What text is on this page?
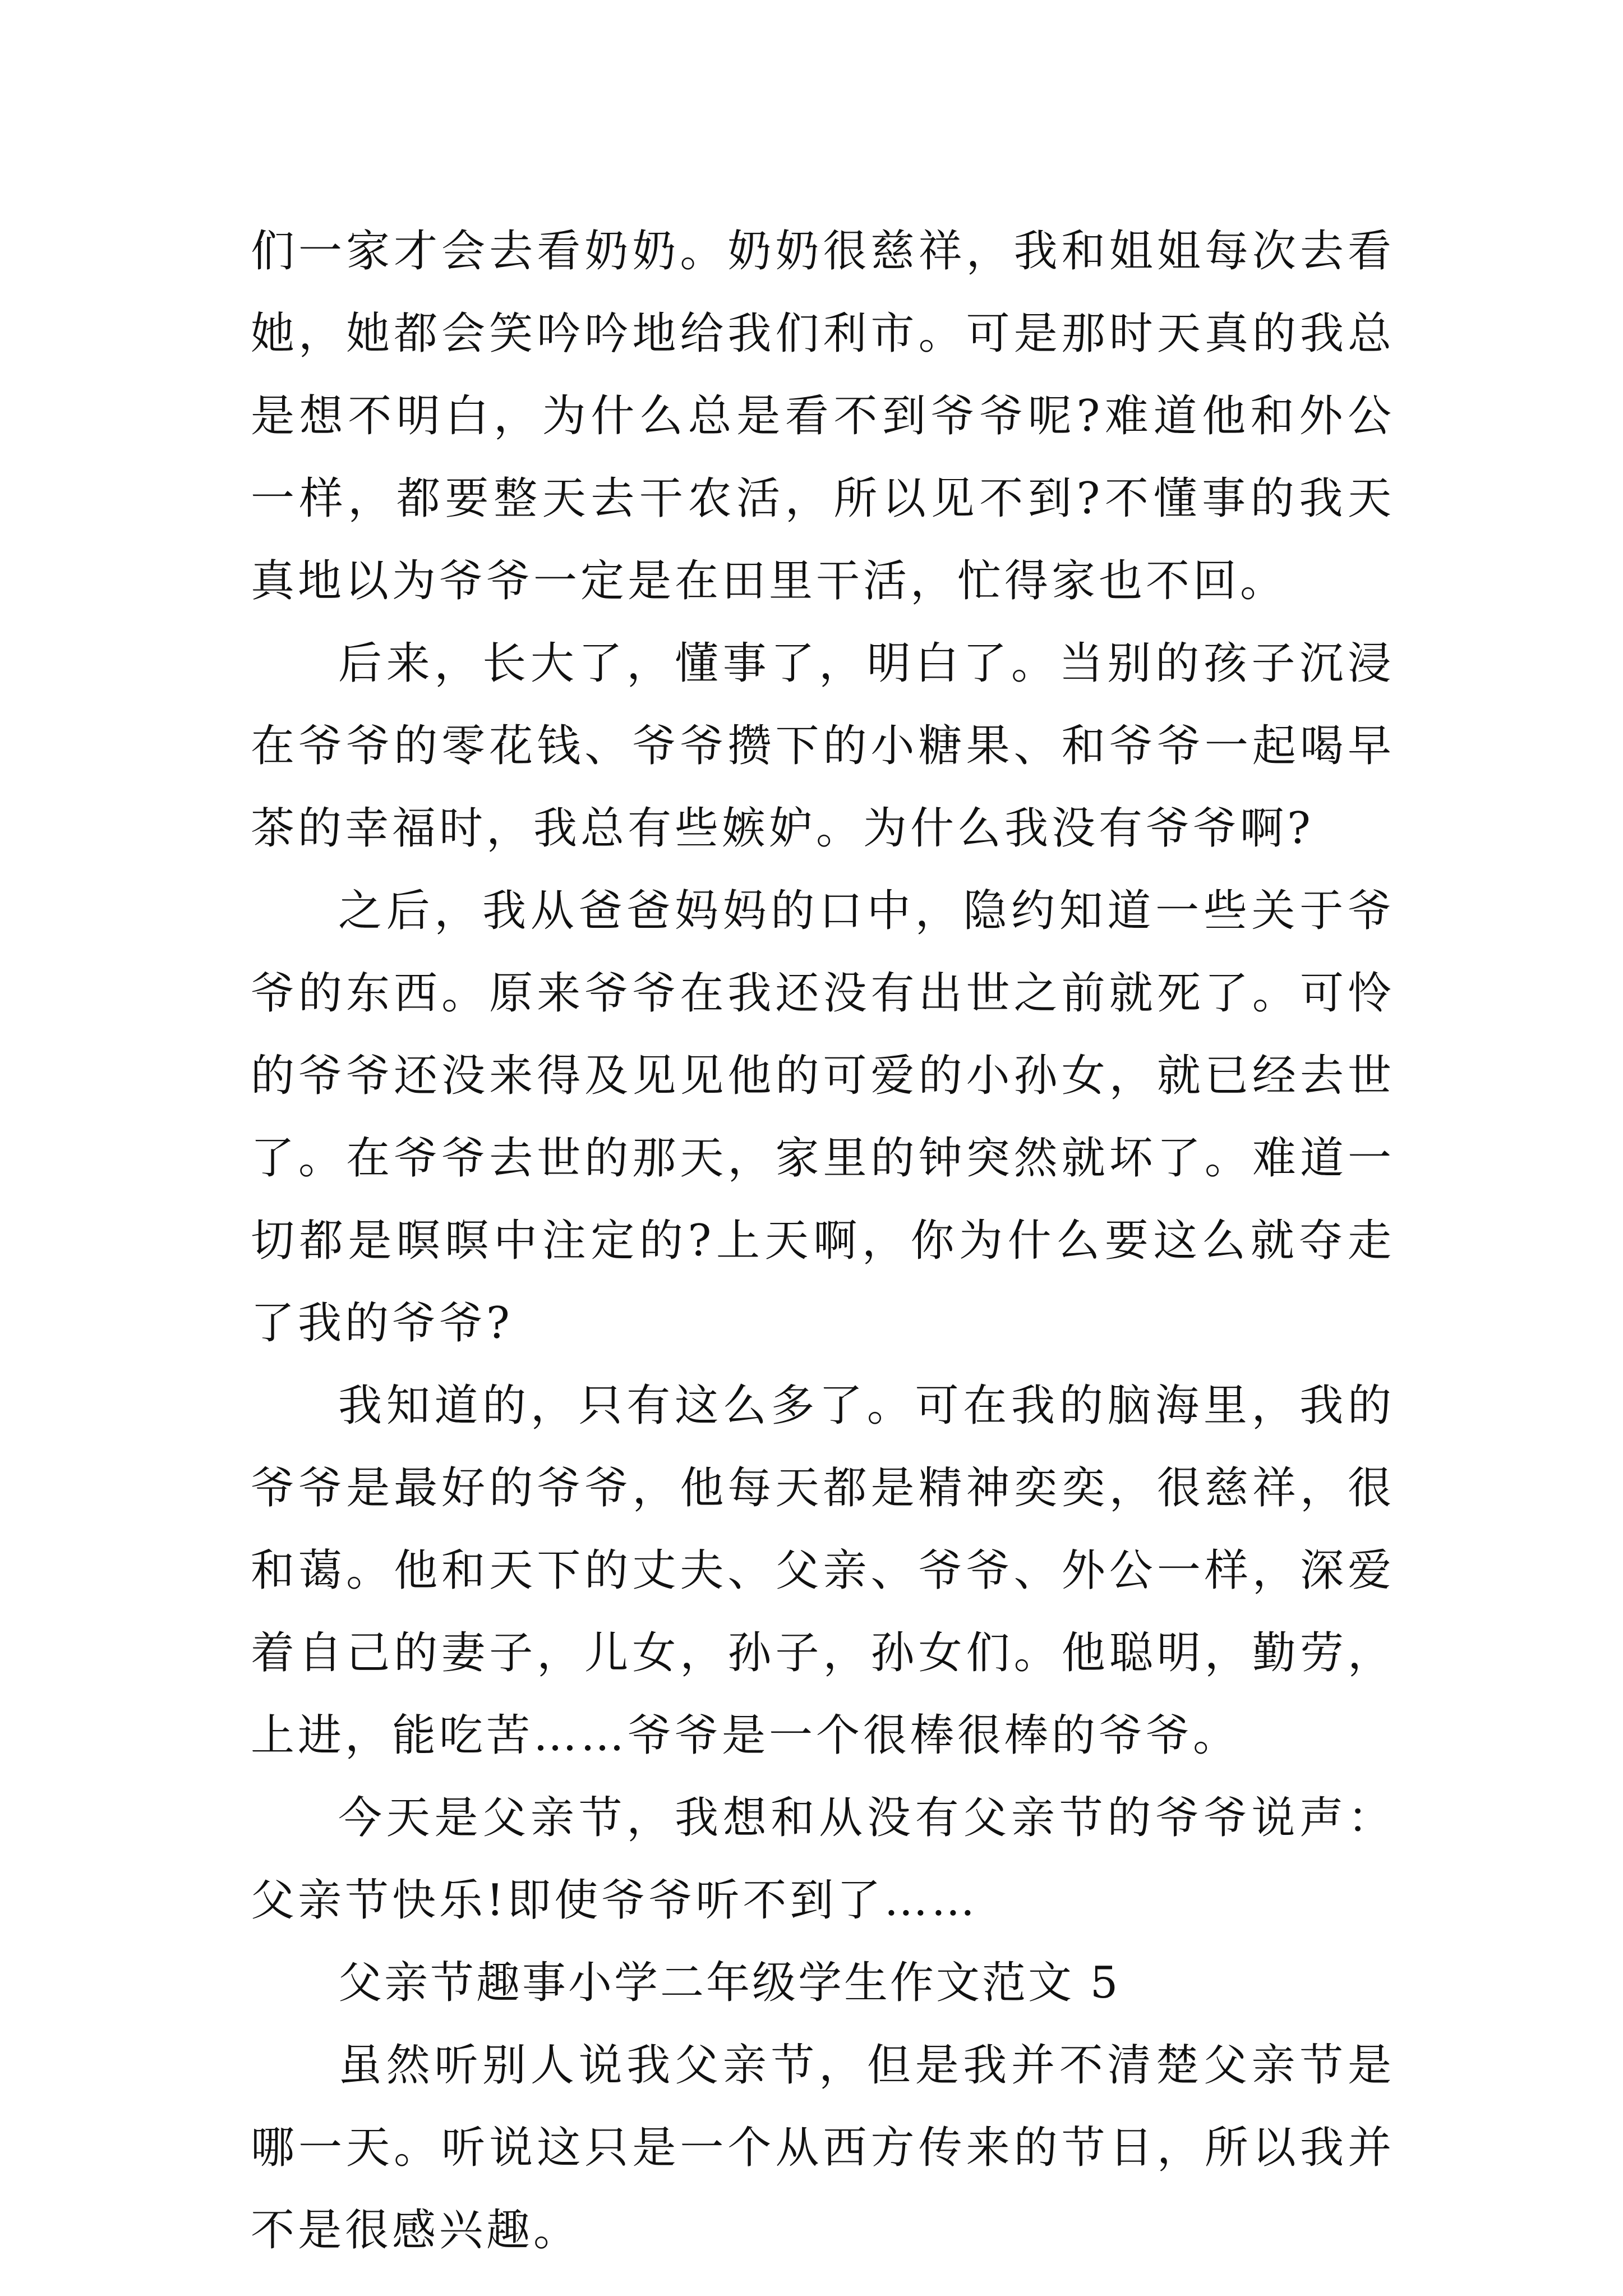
们一家才会去看奶奶。奶奶很慈祥，我和姐姐每次去看她，她都会笑吟吟地给我们利市。可是那时天真的我总是想不明白，为什么总是看不到爷爷呢?难道他和外公一样，都要整天去干农活，所以见不到?不懂事的我天真地以为爷爷一定是在田里干活，忙得家也不回。

后来，长大了，懂事了，明白了。当别的孩子沉浸在爷爷的零花钱、爷爷攒下的小糖果、和爷爷一起喝早茶的幸福时，我总有些嫉妒。为什么我没有爷爷啊?

之后，我从爸爸妈妈的口中，隐约知道一些关于爷爷的东西。原来爷爷在我还没有出世之前就死了。可怜的爷爷还没来得及见见他的可爱的小孙女，就已经去世了。在爷爷去世的那天，家里的钟突然就坏了。难道一切都是暝暝中注定的?上天啊，你为什么要这么就夺走了我的爷爷?

我知道的，只有这么多了。可在我的脑海里，我的爷爷是最好的爷爷，他每天都是精神奕奕，很慈祥，很和蔼。他和天下的丈夫、父亲、爷爷、外公一样，深爱着自己的妻子，儿女，孙子，孙女们。他聪明，勤劳，上进，能吃苦……爷爷是一个很棒很棒的爷爷。

今天是父亲节，我想和从没有父亲节的爷爷说声：父亲节快乐!即使爷爷听不到了……

父亲节趣事小学二年级学生作文范文 5

虽然听别人说我父亲节，但是我并不清楚父亲节是哪一天。听说这只是一个从西方传来的节日，所以我并不是很感兴趣。
